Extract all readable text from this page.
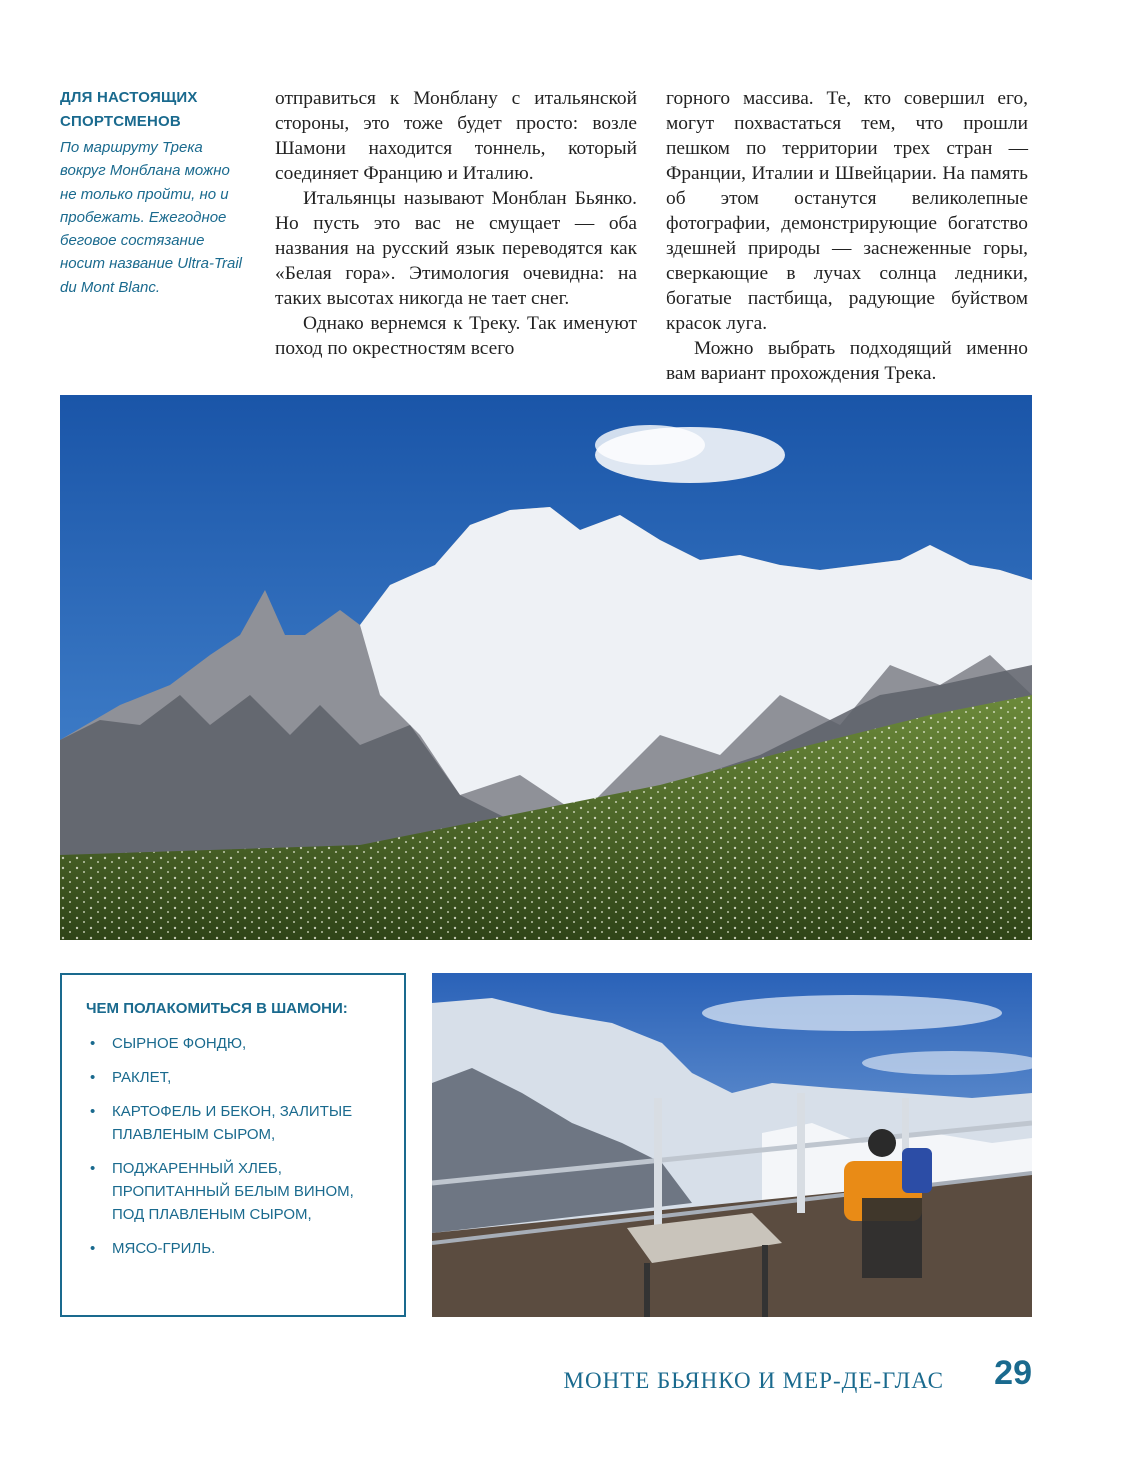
ДЛЯ НАСТОЯЩИХ СПОРТСМЕНОВ

По маршруту Трека вокруг Монблана можно не только пройти, но и пробежать. Ежегодное беговое состязание носит название Ultra-Trail du Mont Blanc.

отправиться к Монблану с итальянской стороны, это тоже будет просто: возле Шамони находится тоннель, который соединяет Францию и Италию.

Итальянцы называют Монблан Бьянко. Но пусть это вас не смущает — оба названия на русский язык переводятся как «Белая гора». Этимология очевидна: на таких высотах никогда не тает снег.

Однако вернемся к Треку. Так именуют поход по окрестностям всего

горного массива. Те, кто совершил его, могут похвастаться тем, что прошли пешком по территории трех стран — Франции, Италии и Швейцарии. На память об этом останутся великолепные фотографии, демонстрирующие богатство здешней природы — заснеженные горы, сверкающие в лучах солнца ледники, богатые пастбища, радующие буйством красок луга.

Можно выбрать подходящий именно вам вариант прохождения Трека.

ЧЕМ ПОЛАКОМИТЬСЯ В ШАМОНИ:
• СЫРНОЕ ФОНДЮ,
• РАКЛЕТ,
• КАРТОФЕЛЬ И БЕКОН, ЗАЛИТЫЕ ПЛАВЛЕНЫМ СЫРОМ,
• ПОДЖАРЕННЫЙ ХЛЕБ, ПРОПИТАННЫЙ БЕЛЫМ ВИНОМ, ПОД ПЛАВЛЕНЫМ СЫРОМ,
• МЯСО-ГРИЛЬ.
МОНТЕ БЬЯНКО И МЕР-ДЕ-ГЛАС 29
